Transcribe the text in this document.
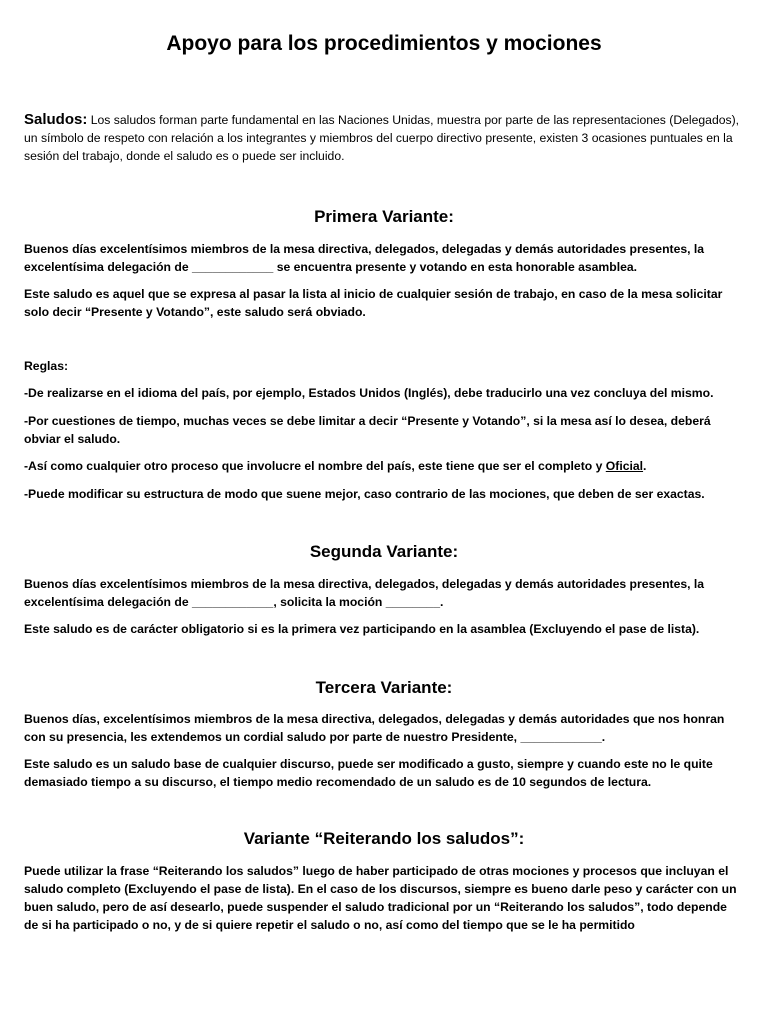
Apoyo para los procedimientos y mociones

Saludos: Los saludos forman parte fundamental en las Naciones Unidas, muestra por parte de las representaciones (Delegados), un símbolo de respeto con relación a los integrantes y miembros del cuerpo directivo presente, existen 3 ocasiones puntuales en la sesión del trabajo, donde el saludo es o puede ser incluido.

Primera Variante:

Buenos días excelentísimos miembros de la mesa directiva, delegados, delegadas y demás autoridades presentes, la excelentísima delegación de ____________ se encuentra presente y votando en esta honorable asamblea.

Este saludo es aquel que se expresa al pasar la lista al inicio de cualquier sesión de trabajo, en caso de la mesa solicitar solo decir “Presente y Votando”, este saludo será obviado.

Reglas:

-De realizarse en el idioma del país, por ejemplo, Estados Unidos (Inglés), debe traducirlo una vez concluya del mismo.

-Por cuestiones de tiempo, muchas veces se debe limitar a decir “Presente y Votando”, si la mesa así lo desea, deberá obviar el saludo.

-Así como cualquier otro proceso que involucre el nombre del país, este tiene que ser el completo y Oficial.

-Puede modificar su estructura de modo que suene mejor, caso contrario de las mociones, que deben de ser exactas.

Segunda Variante:

Buenos días excelentísimos miembros de la mesa directiva, delegados, delegadas y demás autoridades presentes, la excelentísima delegación de ____________, solicita la moción ________.

Este saludo es de carácter obligatorio si es la primera vez participando en la asamblea (Excluyendo el pase de lista).

Tercera Variante:

Buenos días, excelentísimos miembros de la mesa directiva, delegados, delegadas y demás autoridades que nos honran con su presencia, les extendemos un cordial saludo por parte de nuestro Presidente, ____________.

Este saludo es un saludo base de cualquier discurso, puede ser modificado a gusto, siempre y cuando este no le quite demasiado tiempo a su discurso, el tiempo medio recomendado de un saludo es de 10 segundos de lectura.

Variante “Reiterando los saludos”:

Puede utilizar la frase “Reiterando los saludos” luego de haber participado de otras mociones y procesos que incluyan el saludo completo (Excluyendo el pase de lista). En el caso de los discursos, siempre es bueno darle peso y carácter con un buen saludo, pero de así desearlo, puede suspender el saludo tradicional por un “Reiterando los saludos”, todo depende de si ha participado o no, y de si quiere repetir el saludo o no, así como del tiempo que se le ha permitido
